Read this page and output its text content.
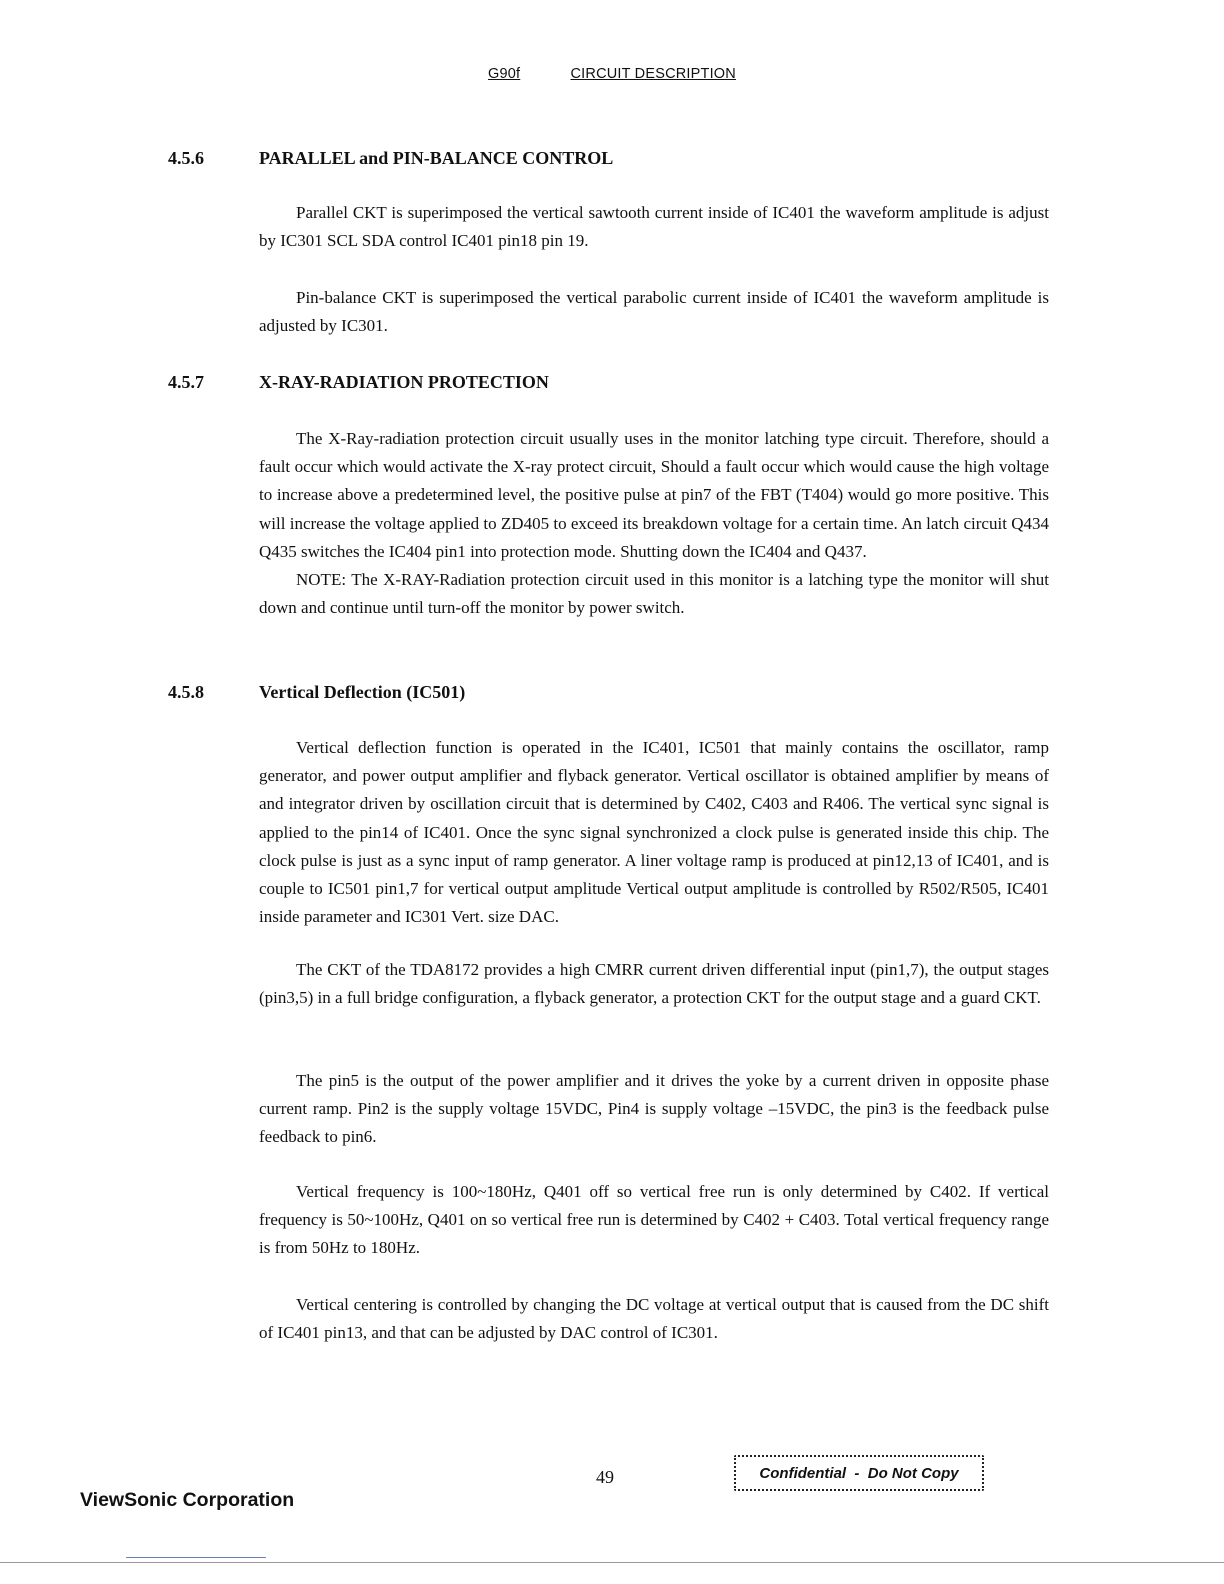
G90f	CIRCUIT DESCRIPTION
4.5.6	PARALLEL and PIN-BALANCE CONTROL

Parallel CKT is superimposed the vertical sawtooth current inside of IC401 the waveform amplitude is adjust by IC301 SCL SDA control IC401 pin18 pin 19.

Pin-balance CKT is superimposed the vertical parabolic current inside of IC401 the waveform amplitude is adjusted by IC301.

4.5.7	X-RAY-RADIATION PROTECTION

The X-Ray-radiation protection circuit usually uses in the monitor latching type circuit. Therefore, should a fault occur which would activate the X-ray protect circuit, Should a fault occur which would cause the high voltage to increase above a predetermined level, the positive pulse at pin7 of the FBT (T404) would go more positive. This will increase the voltage applied to ZD405 to exceed its breakdown voltage for a certain time. An latch circuit Q434 Q435 switches the IC404 pin1 into protection mode. Shutting down the IC404 and Q437.

NOTE: The X-RAY-Radiation protection circuit used in this monitor is a latching type the monitor will shut down and continue until turn-off the monitor by power switch.

4.5.8	Vertical Deflection (IC501)

Vertical deflection function is operated in the IC401, IC501 that mainly contains the oscillator, ramp generator, and power output amplifier and flyback generator. Vertical oscillator is obtained amplifier by means of and integrator driven by oscillation circuit that is determined by C402, C403 and R406. The vertical sync signal is applied to the pin14 of IC401. Once the sync signal synchronized a clock pulse is generated inside this chip. The clock pulse is just as a sync input of ramp generator. A liner voltage ramp is produced at pin12,13 of IC401, and is couple to IC501 pin1,7 for vertical output amplitude Vertical output amplitude is controlled by R502/R505, IC401 inside parameter and IC301 Vert. size DAC.

The CKT of the TDA8172 provides a high CMRR current driven differential input (pin1,7), the output stages (pin3,5) in a full bridge configuration, a flyback generator, a protection CKT for the output stage and a guard CKT.

The pin5 is the output of the power amplifier and it drives the yoke by a current driven in opposite phase current ramp. Pin2 is the supply voltage 15VDC, Pin4 is supply voltage –15VDC, the pin3 is the feedback pulse feedback to pin6.

Vertical frequency is 100~180Hz, Q401 off so vertical free run is only determined by C402. If vertical frequency is 50~100Hz, Q401 on so vertical free run is determined by C402 + C403. Total vertical frequency range is from 50Hz to 180Hz.

Vertical centering is controlled by changing the DC voltage at vertical output that is caused from the DC shift of IC401 pin13, and that can be adjusted by DAC control of IC301.

49	Confidential  -  Do Not Copy
ViewSonic Corporation
